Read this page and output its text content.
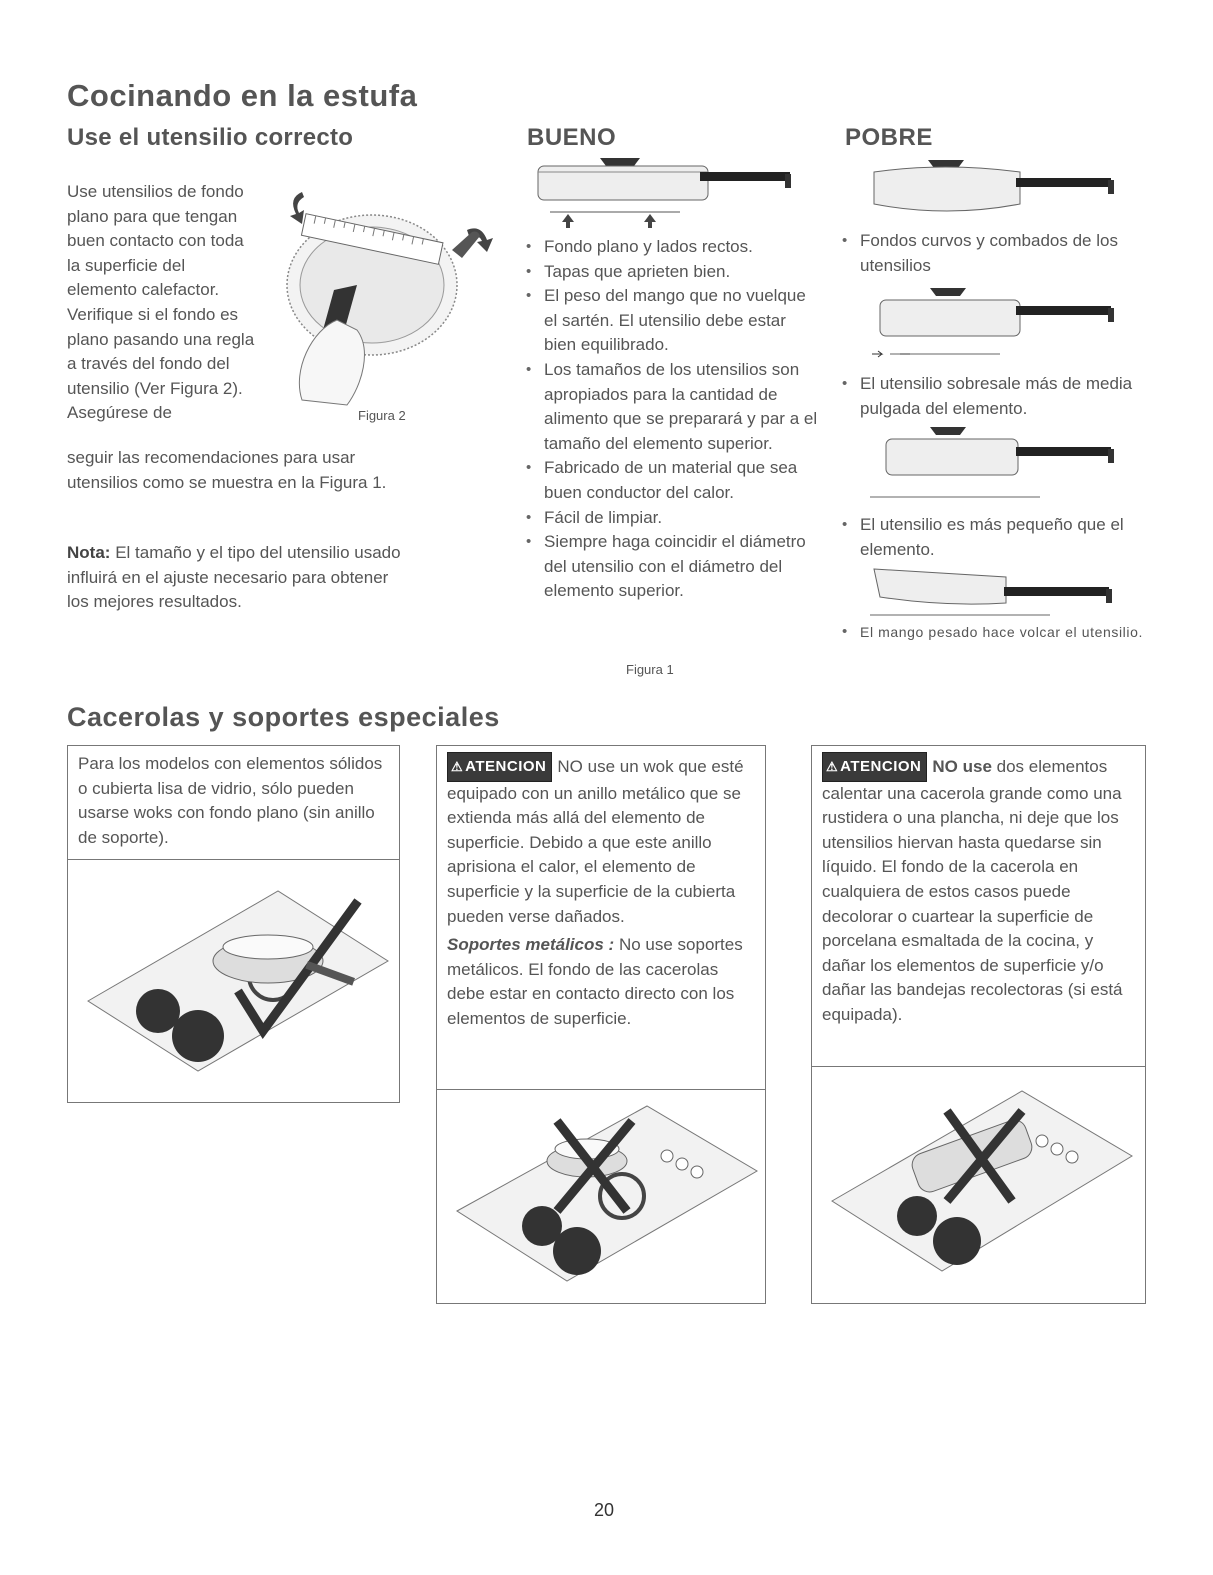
Cocinando en la estufa
Use el utensilio correcto
Use utensilios de fondo plano para que tengan buen contacto con toda la superficie del elemento calefactor. Verifique si el fondo es plano pasando una regla a través del fondo del utensilio (Ver Figura 2). Asegúrese de
seguir las recomendaciones para usar utensilios como se muestra en la Figura 1.
Nota: El tamaño y el tipo del utensilio usado influirá en el ajuste necesario para obtener los mejores resultados.
Figura 2
BUENO
• Fondo plano y lados rectos.
• Tapas que aprieten bien.
• El peso del mango que no vuelque el sartén. El utensilio debe estar bien equilibrado.
• Los tamaños de los utensilios son apropiados para la cantidad de alimento que se preparará y par a el tamaño del elemento superior.
• Fabricado de un material que sea buen conductor del calor.
• Fácil de limpiar.
• Siempre haga coincidir el diámetro del utensilio con el diámetro del elemento superior.
Figura 1
POBRE
• Fondos curvos y combados de los utensilios
• El utensilio sobresale más de media pulgada del elemento.
• El utensilio es más pequeño que el elemento.
• El mango pesado hace volcar el utensilio.
Cacerolas y soportes especiales
Para los modelos con elementos sólidos o cubierta lisa de vidrio, sólo pueden usarse woks con fondo plano (sin anillo de soporte).
⚠ ATENCION NO use un wok que esté equipado con un anillo metálico que se extienda más allá del elemento de superficie. Debido a que este anillo aprisiona el calor, el elemento de superficie y la superficie de la cubierta pueden verse dañados.
Soportes metálicos : No use soportes metálicos. El fondo de las cacerolas debe estar en contacto directo con los elementos de superficie.
⚠ ATENCION NO use dos elementos calentar una cacerola grande como una rustidera o una plancha, ni deje que los utensilios hiervan hasta quedarse sin líquido. El fondo de la cacerola en cualquiera de estos casos puede decolorar o cuartear la superficie de porcelana esmaltada de la cocina, y dañar los elementos de superficie y/o dañar las bandejas recolectoras (si está equipada).
20
